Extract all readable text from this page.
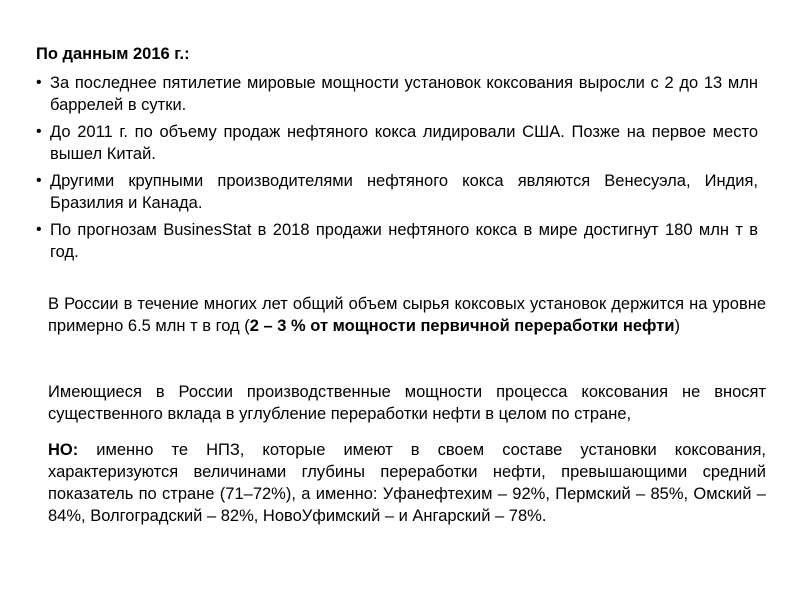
По данным 2016 г.:
• За последнее пятилетие мировые мощности установок коксования выросли с 2 до 13 млн баррелей в сутки.
• До 2011 г. по объему продаж нефтяного кокса лидировали США. Позже на первое место вышел Китай.
• Другими крупными производителями нефтяного кокса являются Венесуэла, Индия, Бразилия и Канада.
• По прогнозам BusinesStat в 2018 продажи нефтяного кокса в мире достигнут 180 млн т в год.

В России в течение многих лет общий объем сырья коксовых установок держится на уровне примерно 6.5 млн т в год (2 – 3 % от мощности первичной переработки нефти)

Имеющиеся в России производственные мощности процесса коксования не вносят существенного вклада в углубление переработки нефти в целом по стране,

НО: именно те НПЗ, которые имеют в своем составе установки коксования, характеризуются величинами глубины переработки нефти, превышающими средний показатель по стране (71–72%), а именно: Уфанефтехим – 92%, Пермский – 85%, Омский – 84%, Волгоградский – 82%, НовоУфимский – и Ангарский – 78%.
